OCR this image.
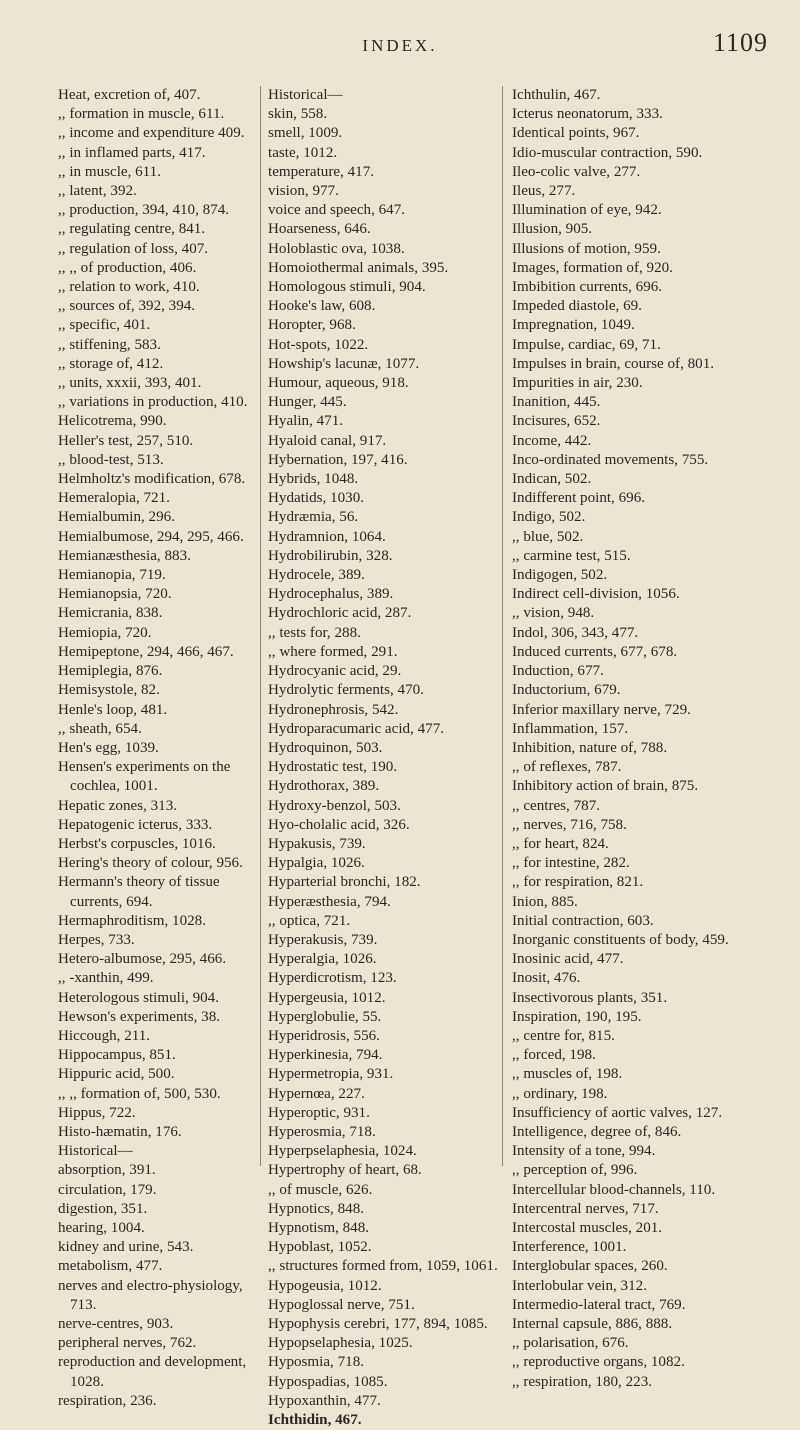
INDEX.	1109
Heat, excretion of, 407.
,, formation in muscle, 611.
,, income and expenditure 409.
,, in inflamed parts, 417.
,, in muscle, 611.
,, latent, 392.
,, production, 394, 410, 874.
,, regulating centre, 841.
,, regulation of loss, 407.
,, ,, of production, 406.
,, relation to work, 410.
,, sources of, 392, 394.
,, specific, 401.
,, stiffening, 583.
,, storage of, 412.
,, units, xxxii, 393, 401.
,, variations in production, 410.
Helicotrema, 990.
Heller's test, 257, 510.
,, blood-test, 513.
Helmholtz's modification, 678.
Hemeralopia, 721.
Hemialbumin, 296.
Hemialbumose, 294, 295, 466.
Hemianæsthesia, 883.
Hemianopia, 719.
Hemianopsia, 720.
Hemicrania, 838.
Hemiopia, 720.
Hemipeptone, 294, 466, 467.
Hemiplegia, 876.
Hemisystole, 82.
Henle's loop, 481.
,, sheath, 654.
Hen's egg, 1039.
Hensen's experiments on the cochlea, 1001.
Hepatic zones, 313.
Hepatogenic icterus, 333.
Herbst's corpuscles, 1016.
Hering's theory of colour, 956.
Hermann's theory of tissue currents, 694.
Hermaphroditism, 1028.
Herpes, 733.
Hetero-albumose, 295, 466.
,, -xanthin, 499.
Heterologous stimuli, 904.
Hewson's experiments, 38.
Hiccough, 211.
Hippocampus, 851.
Hippuric acid, 500.
,, ,, formation of, 500, 530.
Hippus, 722.
Histo-hæmatin, 176.
Historical—
absorption, 391.
circulation, 179.
digestion, 351.
hearing, 1004.
kidney and urine, 543.
metabolism, 477.
nerves and electro-physiology, 713.
nerve-centres, 903.
peripheral nerves, 762.
reproduction and development, 1028.
respiration, 236.
Historical—
skin, 558.
smell, 1009.
taste, 1012.
temperature, 417.
vision, 977.
voice and speech, 647.
Hoarseness, 646.
Holoblastic ova, 1038.
Homoiothermal animals, 395.
Homologous stimuli, 904.
Hooke's law, 608.
Horopter, 968.
Hot-spots, 1022.
Howship's lacunæ, 1077.
Humour, aqueous, 918.
Hunger, 445.
Hyalin, 471.
Hyaloid canal, 917.
Hybernation, 197, 416.
Hybrids, 1048.
Hydatids, 1030.
Hydræmia, 56.
Hydramnion, 1064.
Hydrobilirubin, 328.
Hydrocele, 389.
Hydrocephalus, 389.
Hydrochloric acid, 287.
,, tests for, 288.
,, where formed, 291.
Hydrocyanic acid, 29.
Hydrolytic ferments, 470.
Hydronephrosis, 542.
Hydroparacumaric acid, 477.
Hydroquinon, 503.
Hydrostatic test, 190.
Hydrothorax, 389.
Hydroxy-benzol, 503.
Hyo-cholalic acid, 326.
Hypakusis, 739.
Hypalgia, 1026.
Hyparterial bronchi, 182.
Hyperæsthesia, 794.
,, optica, 721.
Hyperakusis, 739.
Hyperalgia, 1026.
Hyperdicrotism, 123.
Hypergeusia, 1012.
Hyperglobulie, 55.
Hyperidrosis, 556.
Hyperkinesia, 794.
Hypermetropia, 931.
Hypernœa, 227.
Hyperoptic, 931.
Hyperosmia, 718.
Hyperpselaphesia, 1024.
Hypertrophy of heart, 68.
,, of muscle, 626.
Hypnotics, 848.
Hypnotism, 848.
Hypoblast, 1052.
,, structures formed from, 1059, 1061.
Hypogeusia, 1012.
Hypoglossal nerve, 751.
Hypophysis cerebri, 177, 894, 1085.
Hypopselaphesia, 1025.
Hyposmia, 718.
Hypospadias, 1085.
Hypoxanthin, 477.
Ichthidin, 467.
Ichthulin, 467.
Icterus neonatorum, 333.
Identical points, 967.
Idio-muscular contraction, 590.
Ileo-colic valve, 277.
Ileus, 277.
Illumination of eye, 942.
Illusion, 905.
Illusions of motion, 959.
Images, formation of, 920.
Imbibition currents, 696.
Impeded diastole, 69.
Impregnation, 1049.
Impulse, cardiac, 69, 71.
Impulses in brain, course of, 801.
Impurities in air, 230.
Inanition, 445.
Incisures, 652.
Income, 442.
Inco-ordinated movements, 755.
Indican, 502.
Indifferent point, 696.
Indigo, 502.
,, blue, 502.
,, carmine test, 515.
Indigogen, 502.
Indirect cell-division, 1056.
,, vision, 948.
Indol, 306, 343, 477.
Induced currents, 677, 678.
Induction, 677.
Inductorium, 679.
Inferior maxillary nerve, 729.
Inflammation, 157.
Inhibition, nature of, 788.
,, of reflexes, 787.
Inhibitory action of brain, 875.
,, centres, 787.
,, nerves, 716, 758.
,, for heart, 824.
,, for intestine, 282.
,, for respiration, 821.
Inion, 885.
Initial contraction, 603.
Inorganic constituents of body, 459.
Inosinic acid, 477.
Inosit, 476.
Insectivorous plants, 351.
Inspiration, 190, 195.
,, centre for, 815.
,, forced, 198.
,, muscles of, 198.
,, ordinary, 198.
Insufficiency of aortic valves, 127.
Intelligence, degree of, 846.
Intensity of a tone, 994.
,, perception of, 996.
Intercellular blood-channels, 110.
Intercentral nerves, 717.
Intercostal muscles, 201.
Interference, 1001.
Interglobular spaces, 260.
Interlobular vein, 312.
Intermedio-lateral tract, 769.
Internal capsule, 886, 888.
,, polarisation, 676.
,, reproductive organs, 1082.
,, respiration, 180, 223.
